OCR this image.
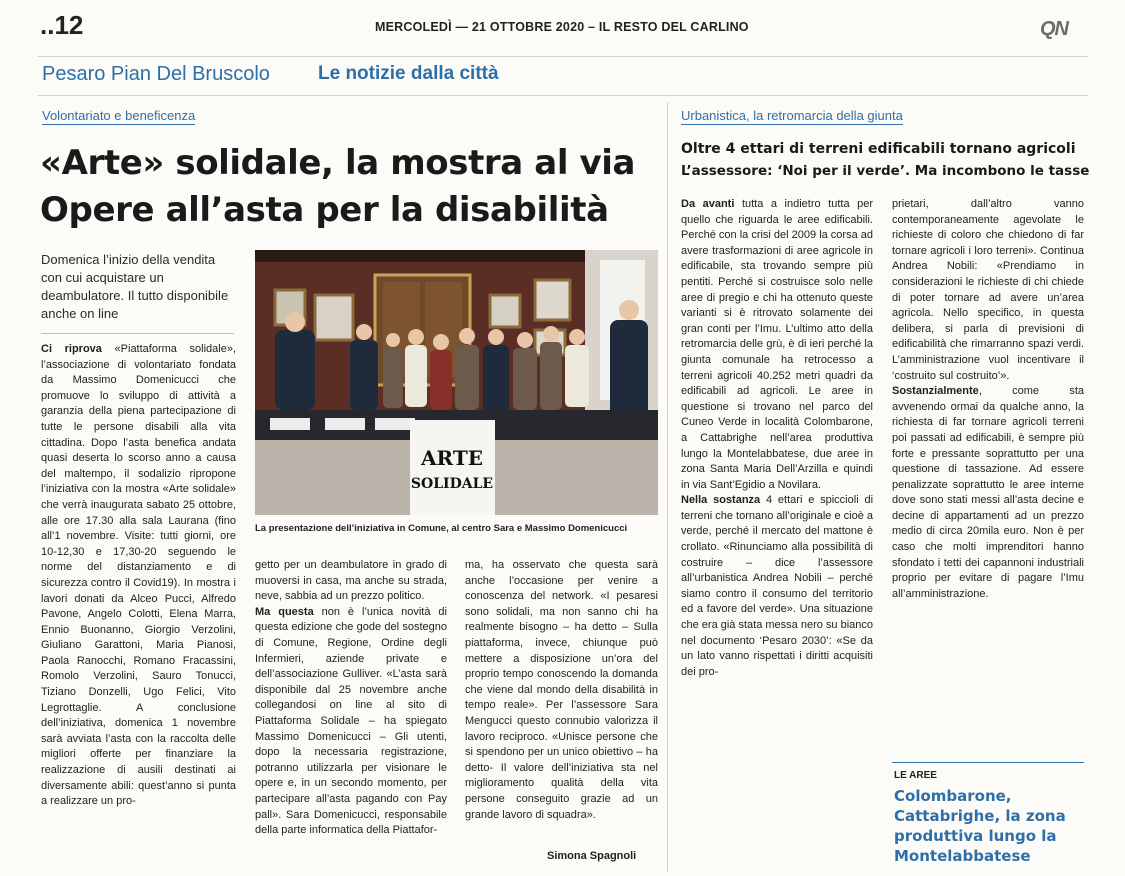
..12	MERCOLEDÌ — 21 OTTOBRE 2020 – IL RESTO DEL CARLINO	QN
Pesaro Pian Del Bruscolo	Le notizie dalla città
Volontariato e beneficenza	Urbanistica, la retromarcia della giunta
«Arte» solidale, la mostra al via
Opere all’asta per la disabilità
Domenica l’inizio della vendita con cui acquistare un deambulatore. Il tutto disponibile anche on line
ARTE
SOLIDALE
La presentazione dell’iniziativa in Comune, al centro Sara e Massimo Domenicucci
Ci riprova «Piattaforma solidale», l’associazione di volontariato fondata da Massimo Domenicucci che promuove lo sviluppo di attività a garanzia della piena partecipazione di tutte le persone disabili alla vita cittadina. Dopo l’asta benefica andata quasi deserta lo scorso anno a causa del maltempo, il sodalizio ripropone l’iniziativa con la mostra «Arte solidale» che verrà inaugurata sabato 25 ottobre, alle ore 17.30 alla sala Laurana (fino all’1 novembre. Visite: tutti giorni, ore 10-12,30 e 17,30-20 seguendo le norme del distanziamento e di sicurezza contro il Covid19). In mostra i lavori donati da Alceo Pucci, Alfredo Pavone, Angelo Colotti, Elena Marra, Ennio Buonanno, Giorgio Verzolini, Giuliano Garattoni, Maria Pianosi, Paola Ranocchi, Romano Fracassini, Romolo Verzolini, Sauro Tonucci, Tiziano Donzelli, Ugo Felici, Vito Legrottaglie. A conclusione dell’iniziativa, domenica 1 novembre sarà avviata l’asta con la raccolta delle migliori offerte per finanziare la realizzazione di ausili destinati ai diversamente abili: quest’anno si punta a realizzare un pro-
getto per un deambulatore in grado di muoversi in casa, ma anche su strada, neve, sabbia ad un prezzo politico.
Ma questa non è l’unica novità di questa edizione che gode del sostegno di Comune, Regione, Ordine degli Infermieri, aziende private e dell’associazione Gulliver. «L’asta sarà disponibile dal 25 novembre anche collegandosi on line al sito di Piattaforma Solidale – ha spiegato Massimo Domenicucci – Gli utenti, dopo la necessaria registrazione, potranno utilizzarla per visionare le opere e, in un secondo momento, per partecipare all’asta pagando con Pay pall». Sara Domenicucci, responsabile della parte informatica della Piattafor-
ma, ha osservato che questa sarà anche l’occasione per venire a conoscenza del network. «I pesaresi sono solidali, ma non sanno chi ha realmente bisogno – ha detto – Sulla piattaforma, invece, chiunque può mettere a disposizione un’ora del proprio tempo conoscendo la domanda che viene dal mondo della disabilità in tempo reale». Per l’assessore Sara Mengucci questo connubio valorizza il lavoro reciproco. «Unisce persone che si spendono per un unico obiettivo – ha detto- Il valore dell’iniziativa sta nel miglioramento qualità della vita persone conseguito grazie ad un grande lavoro di squadra».
Simona Spagnoli
Oltre 4 ettari di terreni edificabili tornano agricoli
L’assessore: ‘Noi per il verde’. Ma incombono le tasse
Da avanti tutta a indietro tutta per quello che riguarda le aree edificabili. Perché con la crisi del 2009 la corsa ad avere trasformazioni di aree agricole in edificabile, sta trovando sempre più pentiti. Perché si costruisce solo nelle aree di pregio e chi ha ottenuto queste varianti si è ritrovato solamente dei gran conti per l’Imu. L’ultimo atto della retromarcia delle grù, è di ieri perché la giunta comunale ha retrocesso a terreni agricoli 40.252 metri quadri da edificabili ad agricoli. Le aree in questione si trovano nel parco del Cuneo Verde in località Colombarone, a Cattabrighe nell’area produttiva lungo la Montelabbatese, due aree in zona Santa Maria Dell’Arzilla e quindi in via Sant’Egidio a Novilara.
Nella sostanza 4 ettari e spiccioli di terreni che tornano all’originale e cioè a verde, perché il mercato del mattone è crollato. «Rinunciamo alla possibilità di costruire – dice l’assessore all’urbanistica Andrea Nobili – perché siamo contro il consumo del territorio ed a favore del verde». Una situazione che era già stata messa nero su bianco nel documento ‘Pesaro 2030’: «Se da un lato vanno rispettati i diritti acquisiti dei pro-
prietari, dall’altro vanno contemporaneamente agevolate le richieste di coloro che chiedono di far tornare agricoli i loro terreni». Continua Andrea Nobili: «Prendiamo in considerazioni le richieste di chi chiede di poter tornare ad avere un’area agricola. Nello specifico, in questa delibera, si parla di previsioni di edificabilità che rimarranno spazi verdi. L’amministrazione vuol incentivare il ‘costruito sul costruito’».
Sostanzialmente, come sta avvenendo ormai da qualche anno, la richiesta di far tornare agricoli terreni poi passati ad edificabili, è sempre più forte e pressante soprattutto per una questione di tassazione. Ad essere penalizzate soprattutto le aree interne dove sono stati messi all’asta decine e decine di appartamenti ad un prezzo medio di circa 20mila euro. Non è per caso che molti imprenditori hanno sfondato i tetti dei capannoni industriali proprio per evitare di pagare l’Imu all’amministrazione.
LE AREE
Colombarone, Cattabrighe, la zona produttiva lungo la Montelabbatese
